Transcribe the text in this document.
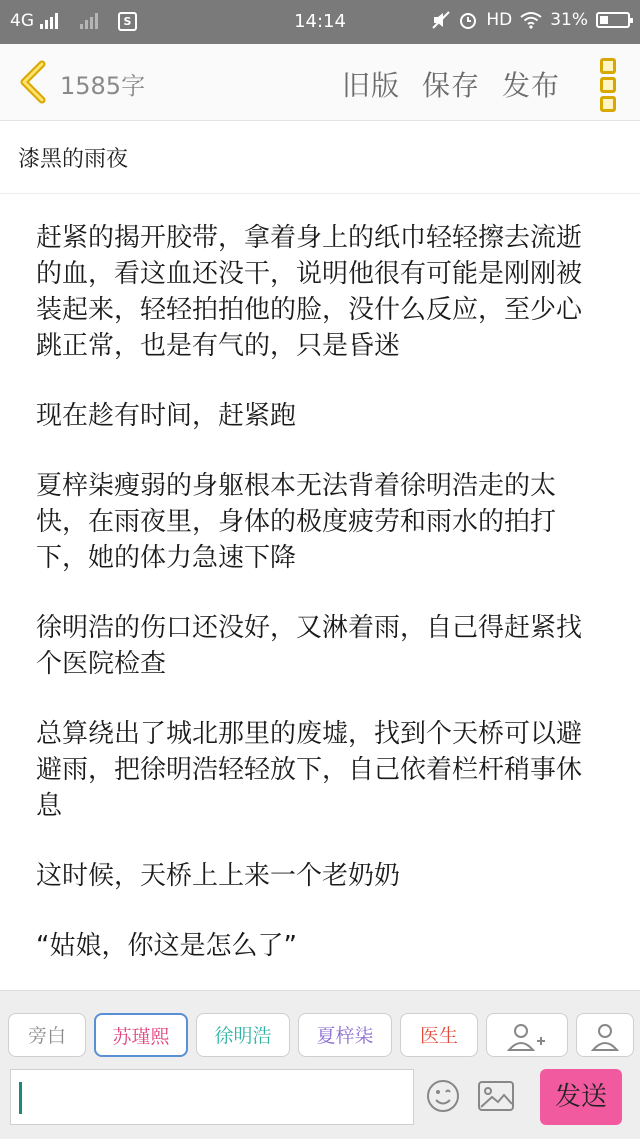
4G	S	14:14	HD 31%
1585字	旧版 保存 发布
漆黑的雨夜

赶紧的揭开胶带，拿着身上的纸巾轻轻擦去流逝的血，看这血还没干，说明他很有可能是刚刚被装起来，轻轻拍拍他的脸，没什么反应，至少心跳正常，也是有气的，只是昏迷

现在趁有时间，赶紧跑

夏梓柒瘦弱的身躯根本无法背着徐明浩走的太快，在雨夜里，身体的极度疲劳和雨水的拍打下，她的体力急速下降

徐明浩的伤口还没好，又淋着雨，自己得赶紧找个医院检查

总算绕出了城北那里的废墟，找到个天桥可以避避雨，把徐明浩轻轻放下，自己依着栏杆稍事休息

这时候，天桥上上来一个老奶奶

“姑娘，你这是怎么了”

旁白	苏瑾熙	徐明浩	夏梓柒	医生
发送
